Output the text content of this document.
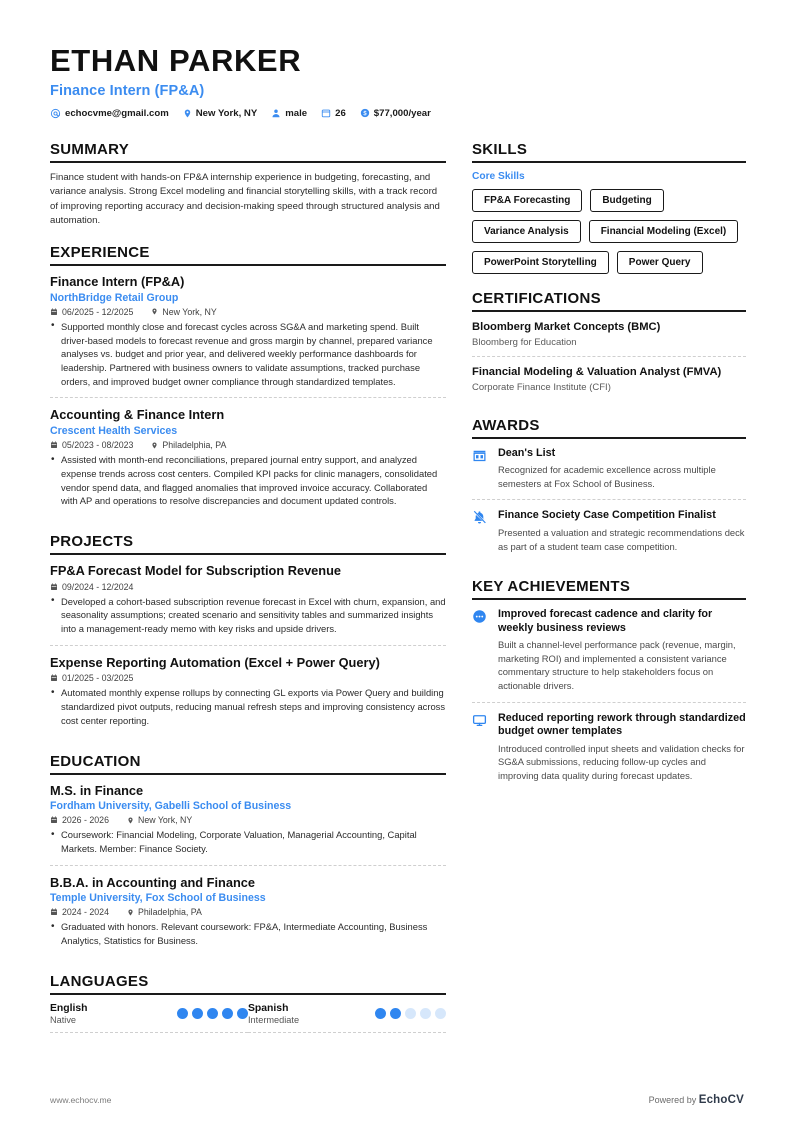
ETHAN PARKER
Finance Intern (FP&A)
echocvme@gmail.com	New York, NY	male	26	$77,000/year
SUMMARY
Finance student with hands-on FP&A internship experience in budgeting, forecasting, and variance analysis. Strong Excel modeling and financial storytelling skills, with a track record of improving reporting accuracy and decision-making speed through structured analysis and automation.
EXPERIENCE
Finance Intern (FP&A)
NorthBridge Retail Group
06/2025 - 12/2025	New York, NY
• Supported monthly close and forecast cycles across SG&A and marketing spend. Built driver-based models to forecast revenue and gross margin by channel, prepared variance analyses vs. budget and prior year, and delivered weekly performance dashboards for leadership. Partnered with business owners to validate assumptions, tracked purchase orders, and improved budget owner compliance through standardized templates.
Accounting & Finance Intern
Crescent Health Services
05/2023 - 08/2023	Philadelphia, PA
• Assisted with month-end reconciliations, prepared journal entry support, and analyzed expense trends across cost centers. Compiled KPI packs for clinic managers, consolidated vendor spend data, and flagged anomalies that improved invoice accuracy. Collaborated with AP and operations to resolve discrepancies and document updated controls.
PROJECTS
FP&A Forecast Model for Subscription Revenue
09/2024 - 12/2024
• Developed a cohort-based subscription revenue forecast in Excel with churn, expansion, and seasonality assumptions; created scenario and sensitivity tables and summarized insights into a management-ready memo with key risks and upside drivers.
Expense Reporting Automation (Excel + Power Query)
01/2025 - 03/2025
• Automated monthly expense rollups by connecting GL exports via Power Query and building standardized pivot outputs, reducing manual refresh steps and improving consistency across cost center reporting.
EDUCATION
M.S. in Finance
Fordham University, Gabelli School of Business
2026 - 2026	New York, NY
• Coursework: Financial Modeling, Corporate Valuation, Managerial Accounting, Capital Markets. Member: Finance Society.
B.B.A. in Accounting and Finance
Temple University, Fox School of Business
2024 - 2024	Philadelphia, PA
• Graduated with honors. Relevant coursework: FP&A, Intermediate Accounting, Business Analytics, Statistics for Business.
LANGUAGES
English
Native
Spanish
Intermediate
SKILLS
Core Skills
FP&A Forecasting	Budgeting
Variance Analysis	Financial Modeling (Excel)
PowerPoint Storytelling	Power Query
CERTIFICATIONS
Bloomberg Market Concepts (BMC)
Bloomberg for Education
Financial Modeling & Valuation Analyst (FMVA)
Corporate Finance Institute (CFI)
AWARDS
Dean's List
Recognized for academic excellence across multiple semesters at Fox School of Business.
Finance Society Case Competition Finalist
Presented a valuation and strategic recommendations deck as part of a student team case competition.
KEY ACHIEVEMENTS
Improved forecast cadence and clarity for weekly business reviews
Built a channel-level performance pack (revenue, margin, marketing ROI) and implemented a consistent variance commentary structure to help stakeholders focus on actionable drivers.
Reduced reporting rework through standardized budget owner templates
Introduced controlled input sheets and validation checks for SG&A submissions, reducing follow-up cycles and improving data quality during forecast updates.
www.echocv.me	Powered by EchoCV
